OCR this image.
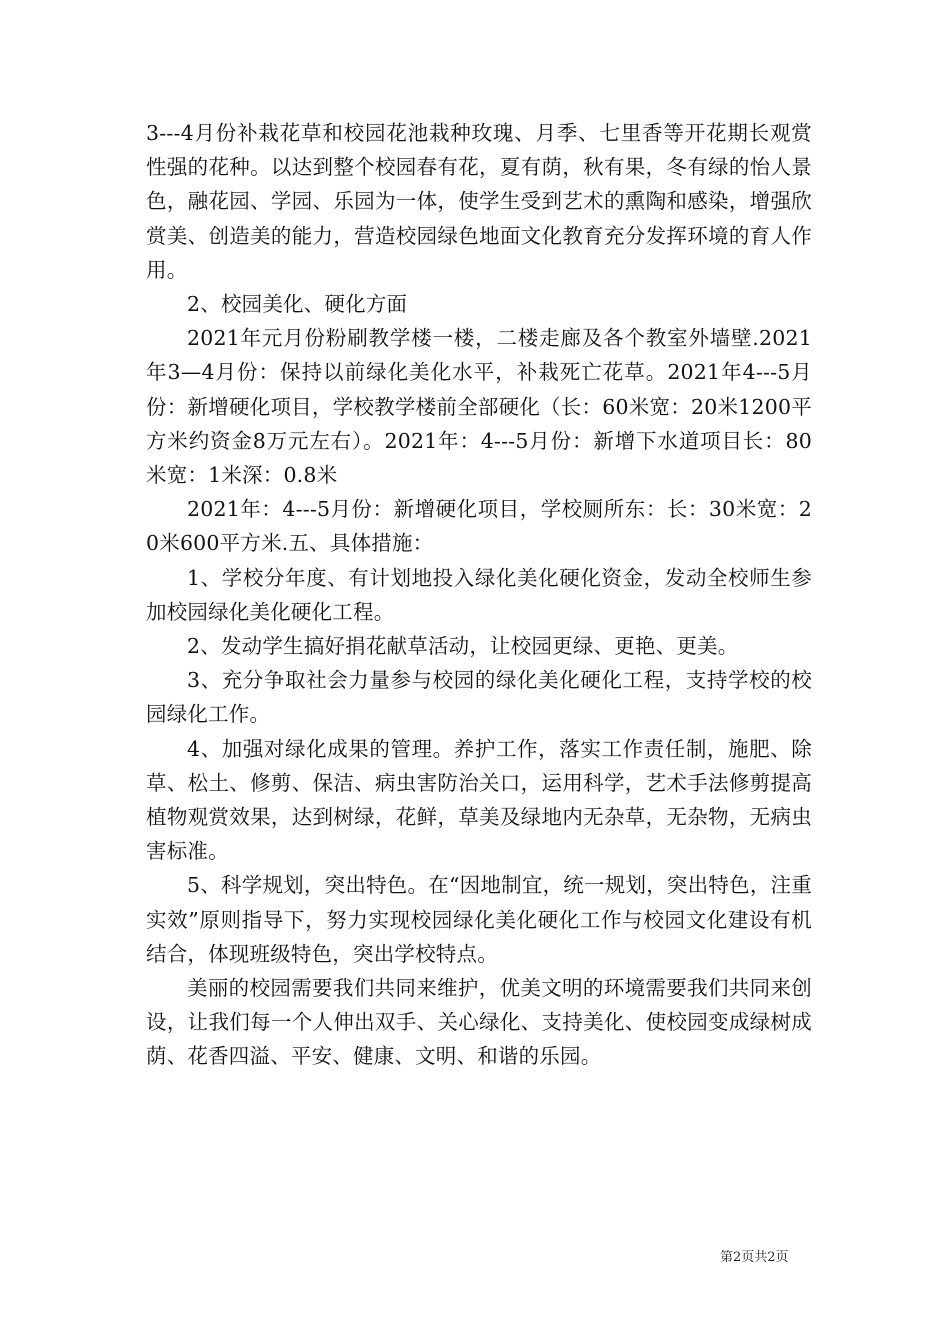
3---4月份补栽花草和校园花池栽种玫瑰、月季、七里香等开花期长观赏性强的花种。以达到整个校园春有花，夏有荫，秋有果，冬有绿的怡人景色，融花园、学园、乐园为一体，使学生受到艺术的熏陶和感染，增强欣赏美、创造美的能力，营造校园绿色地面文化教育充分发挥环境的育人作用。

2、校园美化、硬化方面

2021年元月份粉刷教学楼一楼，二楼走廊及各个教室外墙壁.2021年3—4月份：保持以前绿化美化水平，补栽死亡花草。2021年4---5月份：新增硬化项目，学校教学楼前全部硬化（长：60米宽：20米1200平方米约资金8万元左右）。2021年：4---5月份：新增下水道项目长：80米宽：1米深：0.8米

2021年：4---5月份：新增硬化项目，学校厕所东：长：30米宽：20米600平方米.五、具体措施：

1、学校分年度、有计划地投入绿化美化硬化资金，发动全校师生参加校园绿化美化硬化工程。

2、发动学生搞好捐花献草活动，让校园更绿、更艳、更美。

3、充分争取社会力量参与校园的绿化美化硬化工程，支持学校的校园绿化工作。

4、加强对绿化成果的管理。养护工作，落实工作责任制，施肥、除草、松土、修剪、保洁、病虫害防治关口，运用科学，艺术手法修剪提高植物观赏效果，达到树绿，花鲜，草美及绿地内无杂草，无杂物，无病虫害标准。

5、科学规划，突出特色。在“因地制宜，统一规划，突出特色，注重实效”原则指导下，努力实现校园绿化美化硬化工作与校园文化建设有机结合，体现班级特色，突出学校特点。

美丽的校园需要我们共同来维护，优美文明的环境需要我们共同来创设，让我们每一个人伸出双手、关心绿化、支持美化、使校园变成绿树成荫、花香四溢、平安、健康、文明、和谐的乐园。

第2页共2页
